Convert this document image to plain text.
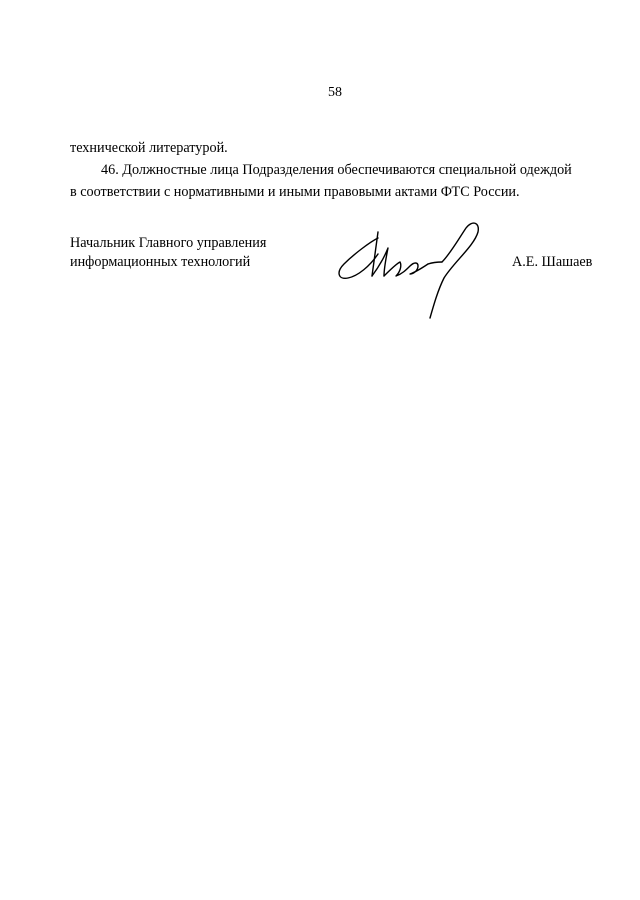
58
технической литературой.
46. Должностные лица Подразделения обеспечиваются специальной одеждой
в соответствии с нормативными и иными правовыми актами ФТС России.
Начальник Главного управления
информационных технологий	А.Е. Шашаев
